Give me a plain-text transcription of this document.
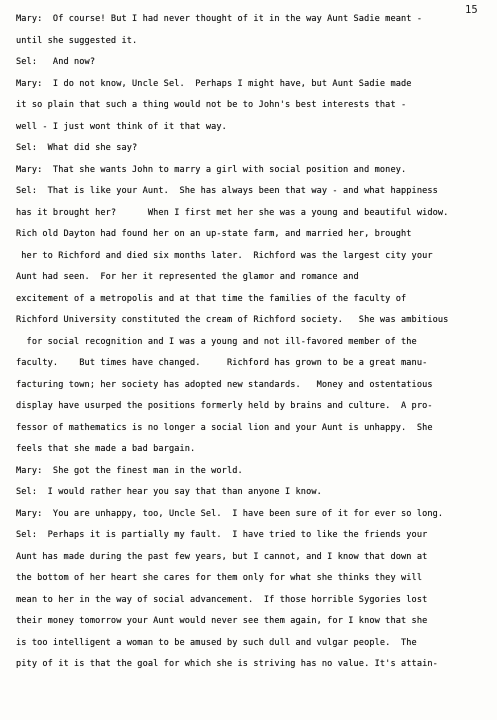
15
Mary:  Of course! But I had never thought of it in the way Aunt Sadie meant -
until she suggested it.
Sel:   And now?
Mary:  I do not know, Uncle Sel.  Perhaps I might have, but Aunt Sadie made
it so plain that such a thing would not be to John's best interests that -
well - I just wont think of it that way.
Sel:  What did she say?
Mary:  That she wants John to marry a girl with social position and money.
Sel:  That is like your Aunt.  She has always been that way - and what happiness
has it brought her?      When I first met her she was a young and beautiful widow.
Rich old Dayton had found her on an up-state farm, and married her, brought
her to Richford and died six months later.  Richford was the largest city your
Aunt had seen.  For her it represented the glamor and romance and
excitement of a metropolis and at that time the families of the faculty of
Richford University constituted the cream of Richford society.   She was ambitious
for social recognition and I was a young and not ill-favored member of the
faculty.    But times have changed.     Richford has grown to be a great manu-
facturing town; her society has adopted new standards.   Money and ostentatious
display have usurped the positions formerly held by brains and culture.  A pro-
fessor of mathematics is no longer a social lion and your Aunt is unhappy.  She
feels that she made a bad bargain.
Mary:  She got the finest man in the world.
Sel:  I would rather hear you say that than anyone I know.
Mary:  You are unhappy, too, Uncle Sel.  I have been sure of it for ever so long.
Sel:  Perhaps it is partially my fault.  I have tried to like the friends your
Aunt has made during the past few years, but I cannot, and I know that down at
the bottom of her heart she cares for them only for what she thinks they will
mean to her in the way of social advancement.  If those horrible Sygories lost
their money tomorrow your Aunt would never see them again, for I know that she
is too intelligent a woman to be amused by such dull and vulgar people.  The
pity of it is that the goal for which she is striving has no value. It's attain-
